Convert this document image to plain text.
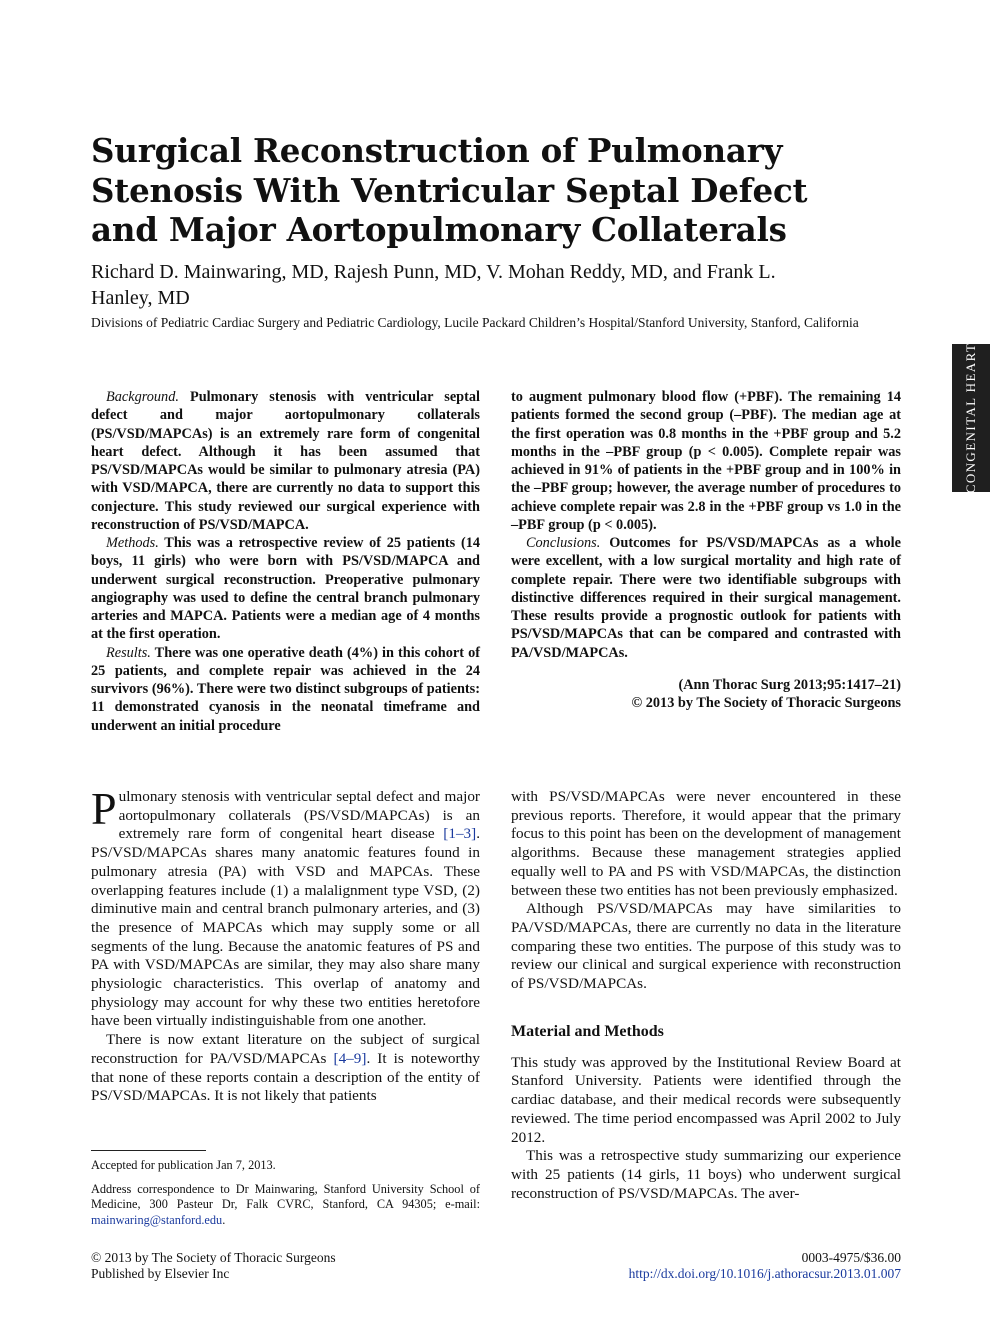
Surgical Reconstruction of Pulmonary Stenosis With Ventricular Septal Defect and Major Aortopulmonary Collaterals
Richard D. Mainwaring, MD, Rajesh Punn, MD, V. Mohan Reddy, MD, and Frank L. Hanley, MD
Divisions of Pediatric Cardiac Surgery and Pediatric Cardiology, Lucile Packard Children’s Hospital/Stanford University, Stanford, California
CONGENITAL HEART

Background. Pulmonary stenosis with ventricular septal defect and major aortopulmonary collaterals (PS/VSD/MAPCAs) is an extremely rare form of congenital heart defect. Although it has been assumed that PS/VSD/MAPCAs would be similar to pulmonary atresia (PA) with VSD/MAPCA, there are currently no data to support this conjecture. This study reviewed our surgical experience with reconstruction of PS/VSD/MAPCA.

Methods. This was a retrospective review of 25 patients (14 boys, 11 girls) who were born with PS/VSD/MAPCA and underwent surgical reconstruction. Preoperative pulmonary angiography was used to define the central branch pulmonary arteries and MAPCA. Patients were a median age of 4 months at the first operation.

Results. There was one operative death (4%) in this cohort of 25 patients, and complete repair was achieved in the 24 survivors (96%). There were two distinct subgroups of patients: 11 demonstrated cyanosis in the neonatal timeframe and underwent an initial procedure

to augment pulmonary blood flow (+PBF). The remaining 14 patients formed the second group (–PBF). The median age at the first operation was 0.8 months in the +PBF group and 5.2 months in the –PBF group (p < 0.005). Complete repair was achieved in 91% of patients in the +PBF group and in 100% in the –PBF group; however, the average number of procedures to achieve complete repair was 2.8 in the +PBF group vs 1.0 in the –PBF group (p < 0.005).

Conclusions. Outcomes for PS/VSD/MAPCAs as a whole were excellent, with a low surgical mortality and high rate of complete repair. There were two identifiable subgroups with distinctive differences required in their surgical management. These results provide a prognostic outlook for patients with PS/VSD/MAPCAs that can be compared and contrasted with PA/VSD/MAPCAs.

(Ann Thorac Surg 2013;95:1417–21)
© 2013 by The Society of Thoracic Surgeons

Pulmonary stenosis with ventricular septal defect and major aortopulmonary collaterals (PS/VSD/MAPCAs) is an extremely rare form of congenital heart disease [1–3]. PS/VSD/MAPCAs shares many anatomic features found in pulmonary atresia (PA) with VSD and MAPCAs. These overlapping features include (1) a malalignment type VSD, (2) diminutive main and central branch pulmonary arteries, and (3) the presence of MAPCAs which may supply some or all segments of the lung. Because the anatomic features of PS and PA with VSD/MAPCAs are similar, they may also share many physiologic characteristics. This overlap of anatomy and physiology may account for why these two entities heretofore have been virtually indistinguishable from one another.

There is now extant literature on the subject of surgical reconstruction for PA/VSD/MAPCAs [4–9]. It is noteworthy that none of these reports contain a description of the entity of PS/VSD/MAPCAs. It is not likely that patients

with PS/VSD/MAPCAs were never encountered in these previous reports. Therefore, it would appear that the primary focus to this point has been on the development of management algorithms. Because these management strategies applied equally well to PA and PS with VSD/MAPCAs, the distinction between these two entities has not been previously emphasized.

Although PS/VSD/MAPCAs may have similarities to PA/VSD/MAPCAs, there are currently no data in the literature comparing these two entities. The purpose of this study was to review our clinical and surgical experience with reconstruction of PS/VSD/MAPCAs.

Material and Methods

This study was approved by the Institutional Review Board at Stanford University. Patients were identified through the cardiac database, and their medical records were subsequently reviewed. The time period encompassed was April 2002 to July 2012.

This was a retrospective study summarizing our experience with 25 patients (14 girls, 11 boys) who underwent surgical reconstruction of PS/VSD/MAPCAs. The aver-

Accepted for publication Jan 7, 2013.

Address correspondence to Dr Mainwaring, Stanford University School of Medicine, 300 Pasteur Dr, Falk CVRC, Stanford, CA 94305; e-mail: mainwaring@stanford.edu.

© 2013 by The Society of Thoracic Surgeons
Published by Elsevier Inc
0003-4975/$36.00
http://dx.doi.org/10.1016/j.athoracsur.2013.01.007
